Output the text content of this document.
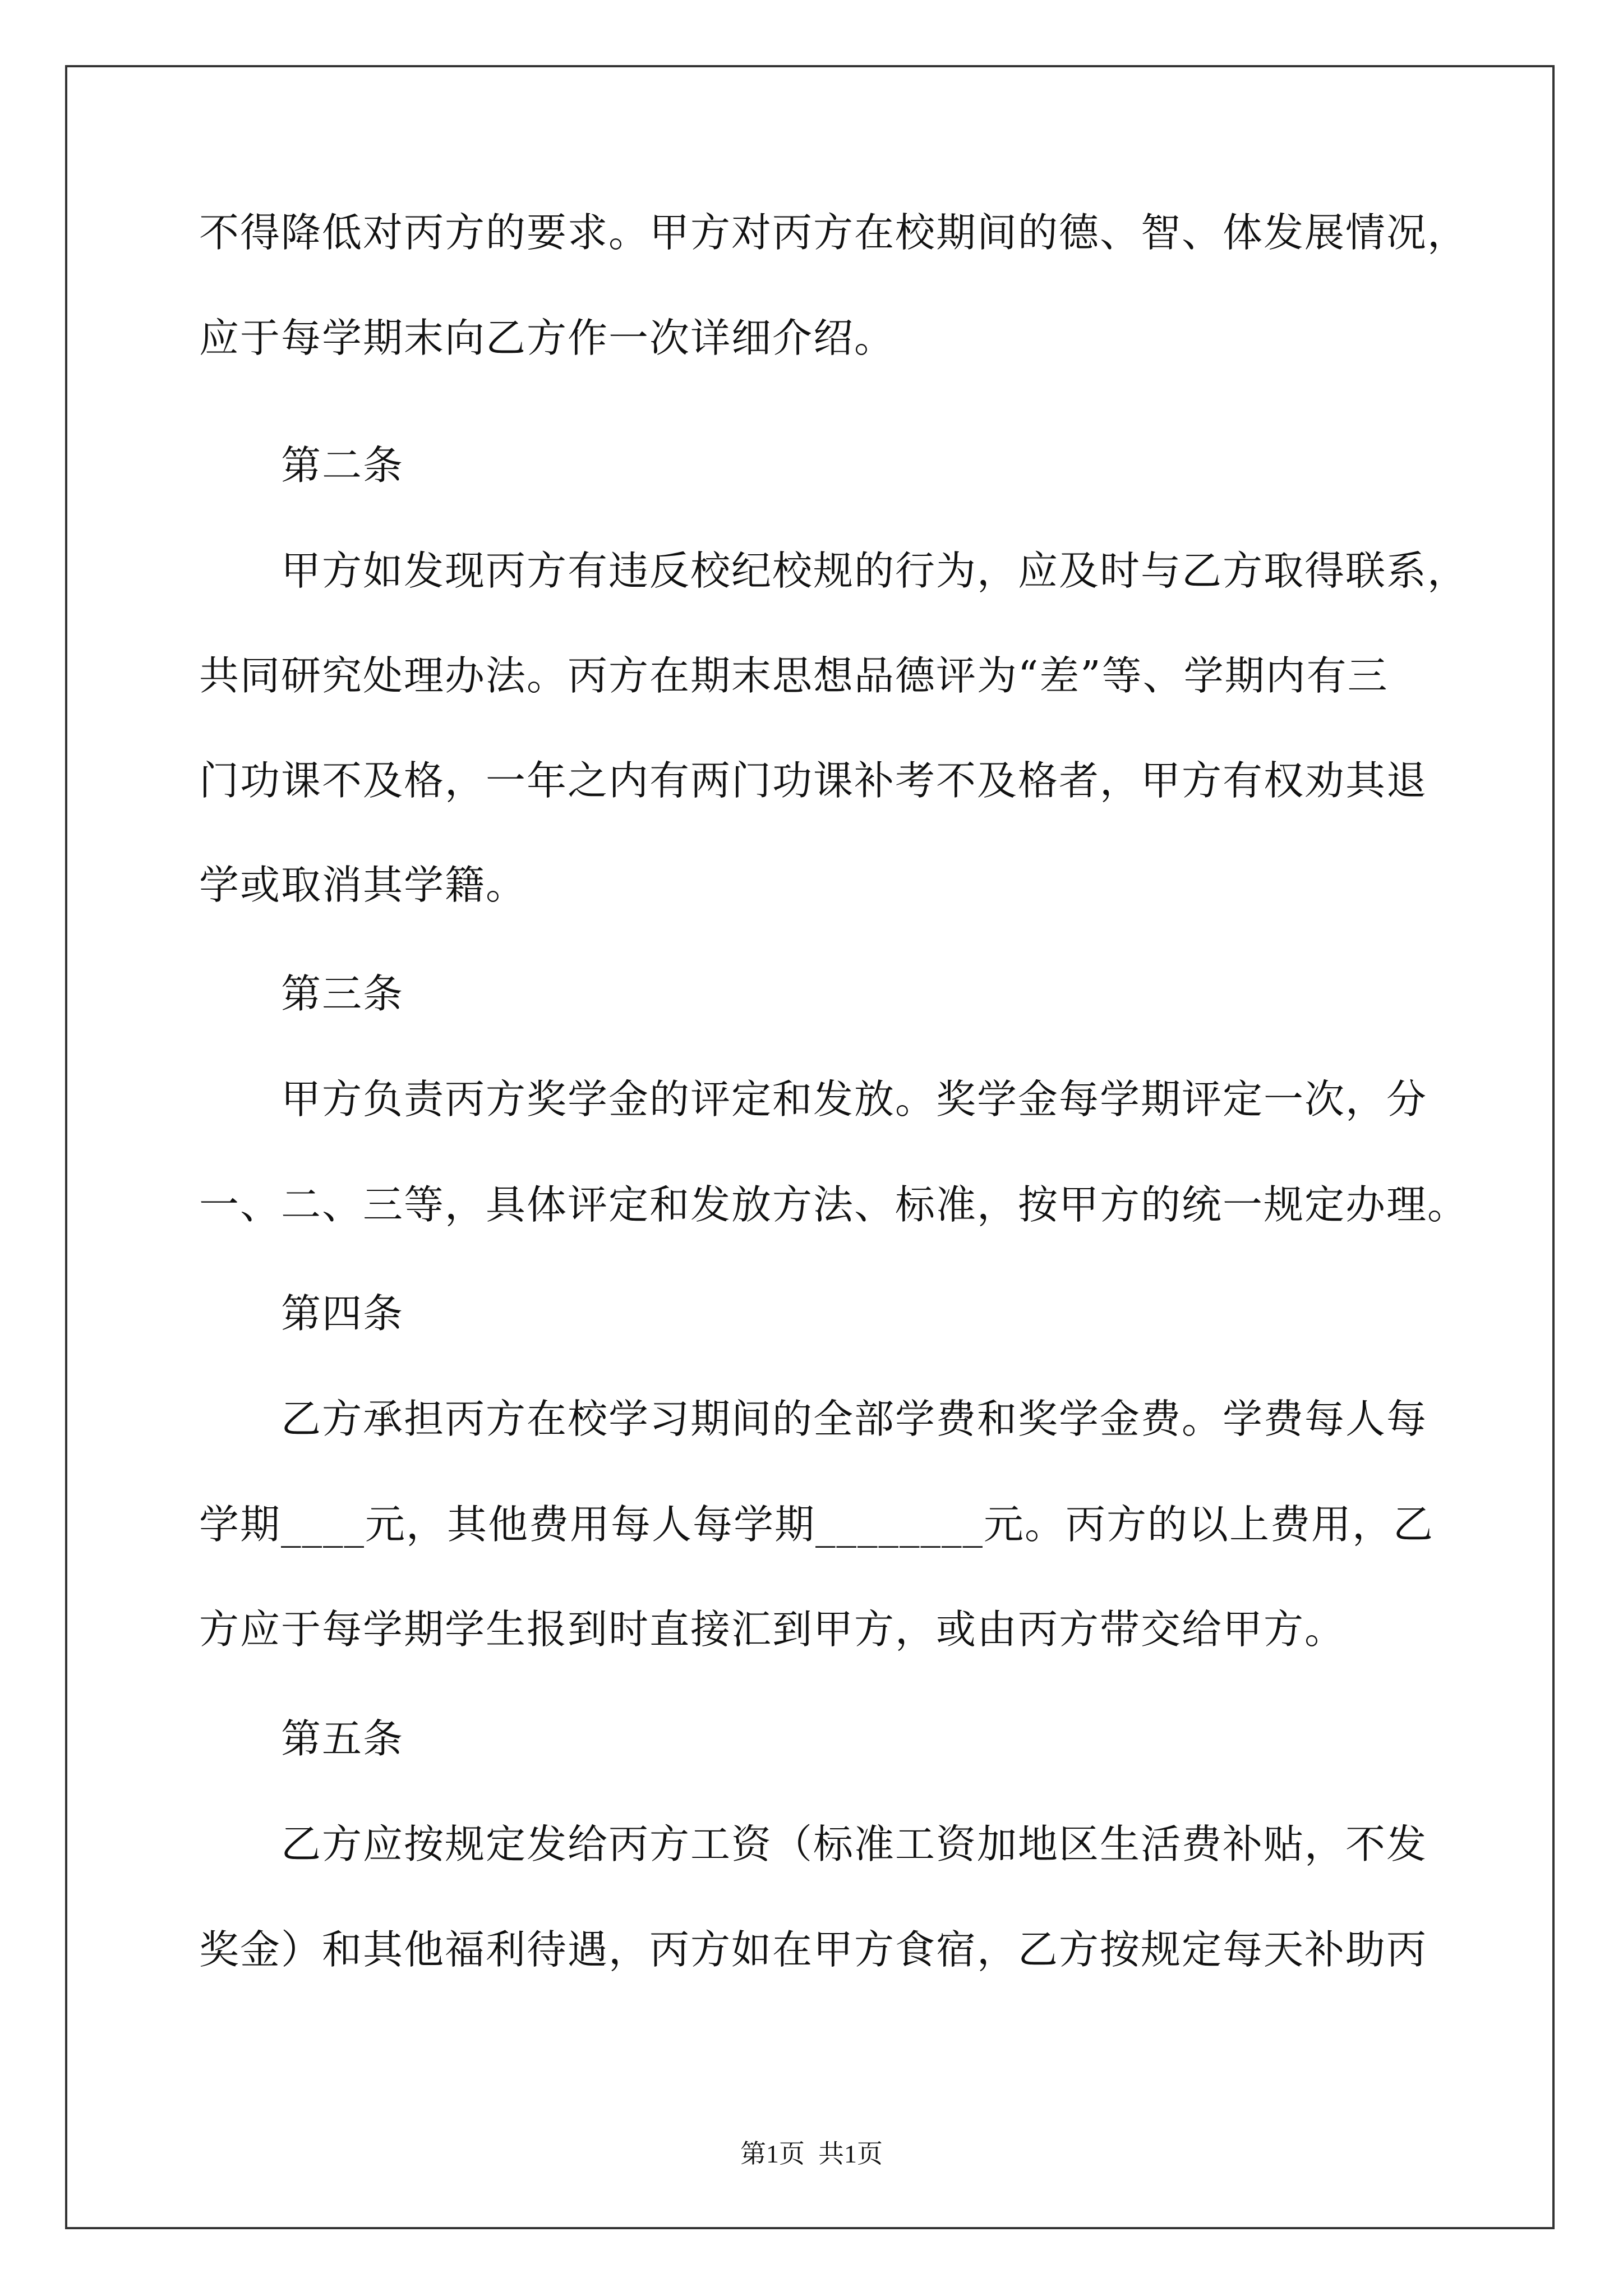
不得降低对丙方的要求。甲方对丙方在校期间的德、智、体发展情况，
应于每学期末向乙方作一次详细介绍。
第二条
甲方如发现丙方有违反校纪校规的行为，应及时与乙方取得联系，
共同研究处理办法。丙方在期末思想品德评为“差”等、学期内有三
门功课不及格，一年之内有两门功课补考不及格者，甲方有权劝其退
学或取消其学籍。
第三条
甲方负责丙方奖学金的评定和发放。奖学金每学期评定一次，分
一、二、三等，具体评定和发放方法、标准，按甲方的统一规定办理。
第四条
乙方承担丙方在校学习期间的全部学费和奖学金费。学费每人每
学期____元，其他费用每人每学期________元。丙方的以上费用，乙
方应于每学期学生报到时直接汇到甲方，或由丙方带交给甲方。
第五条
乙方应按规定发给丙方工资（标准工资加地区生活费补贴，不发
奖金）和其他福利待遇，丙方如在甲方食宿，乙方按规定每天补助丙
第1页 共1页
